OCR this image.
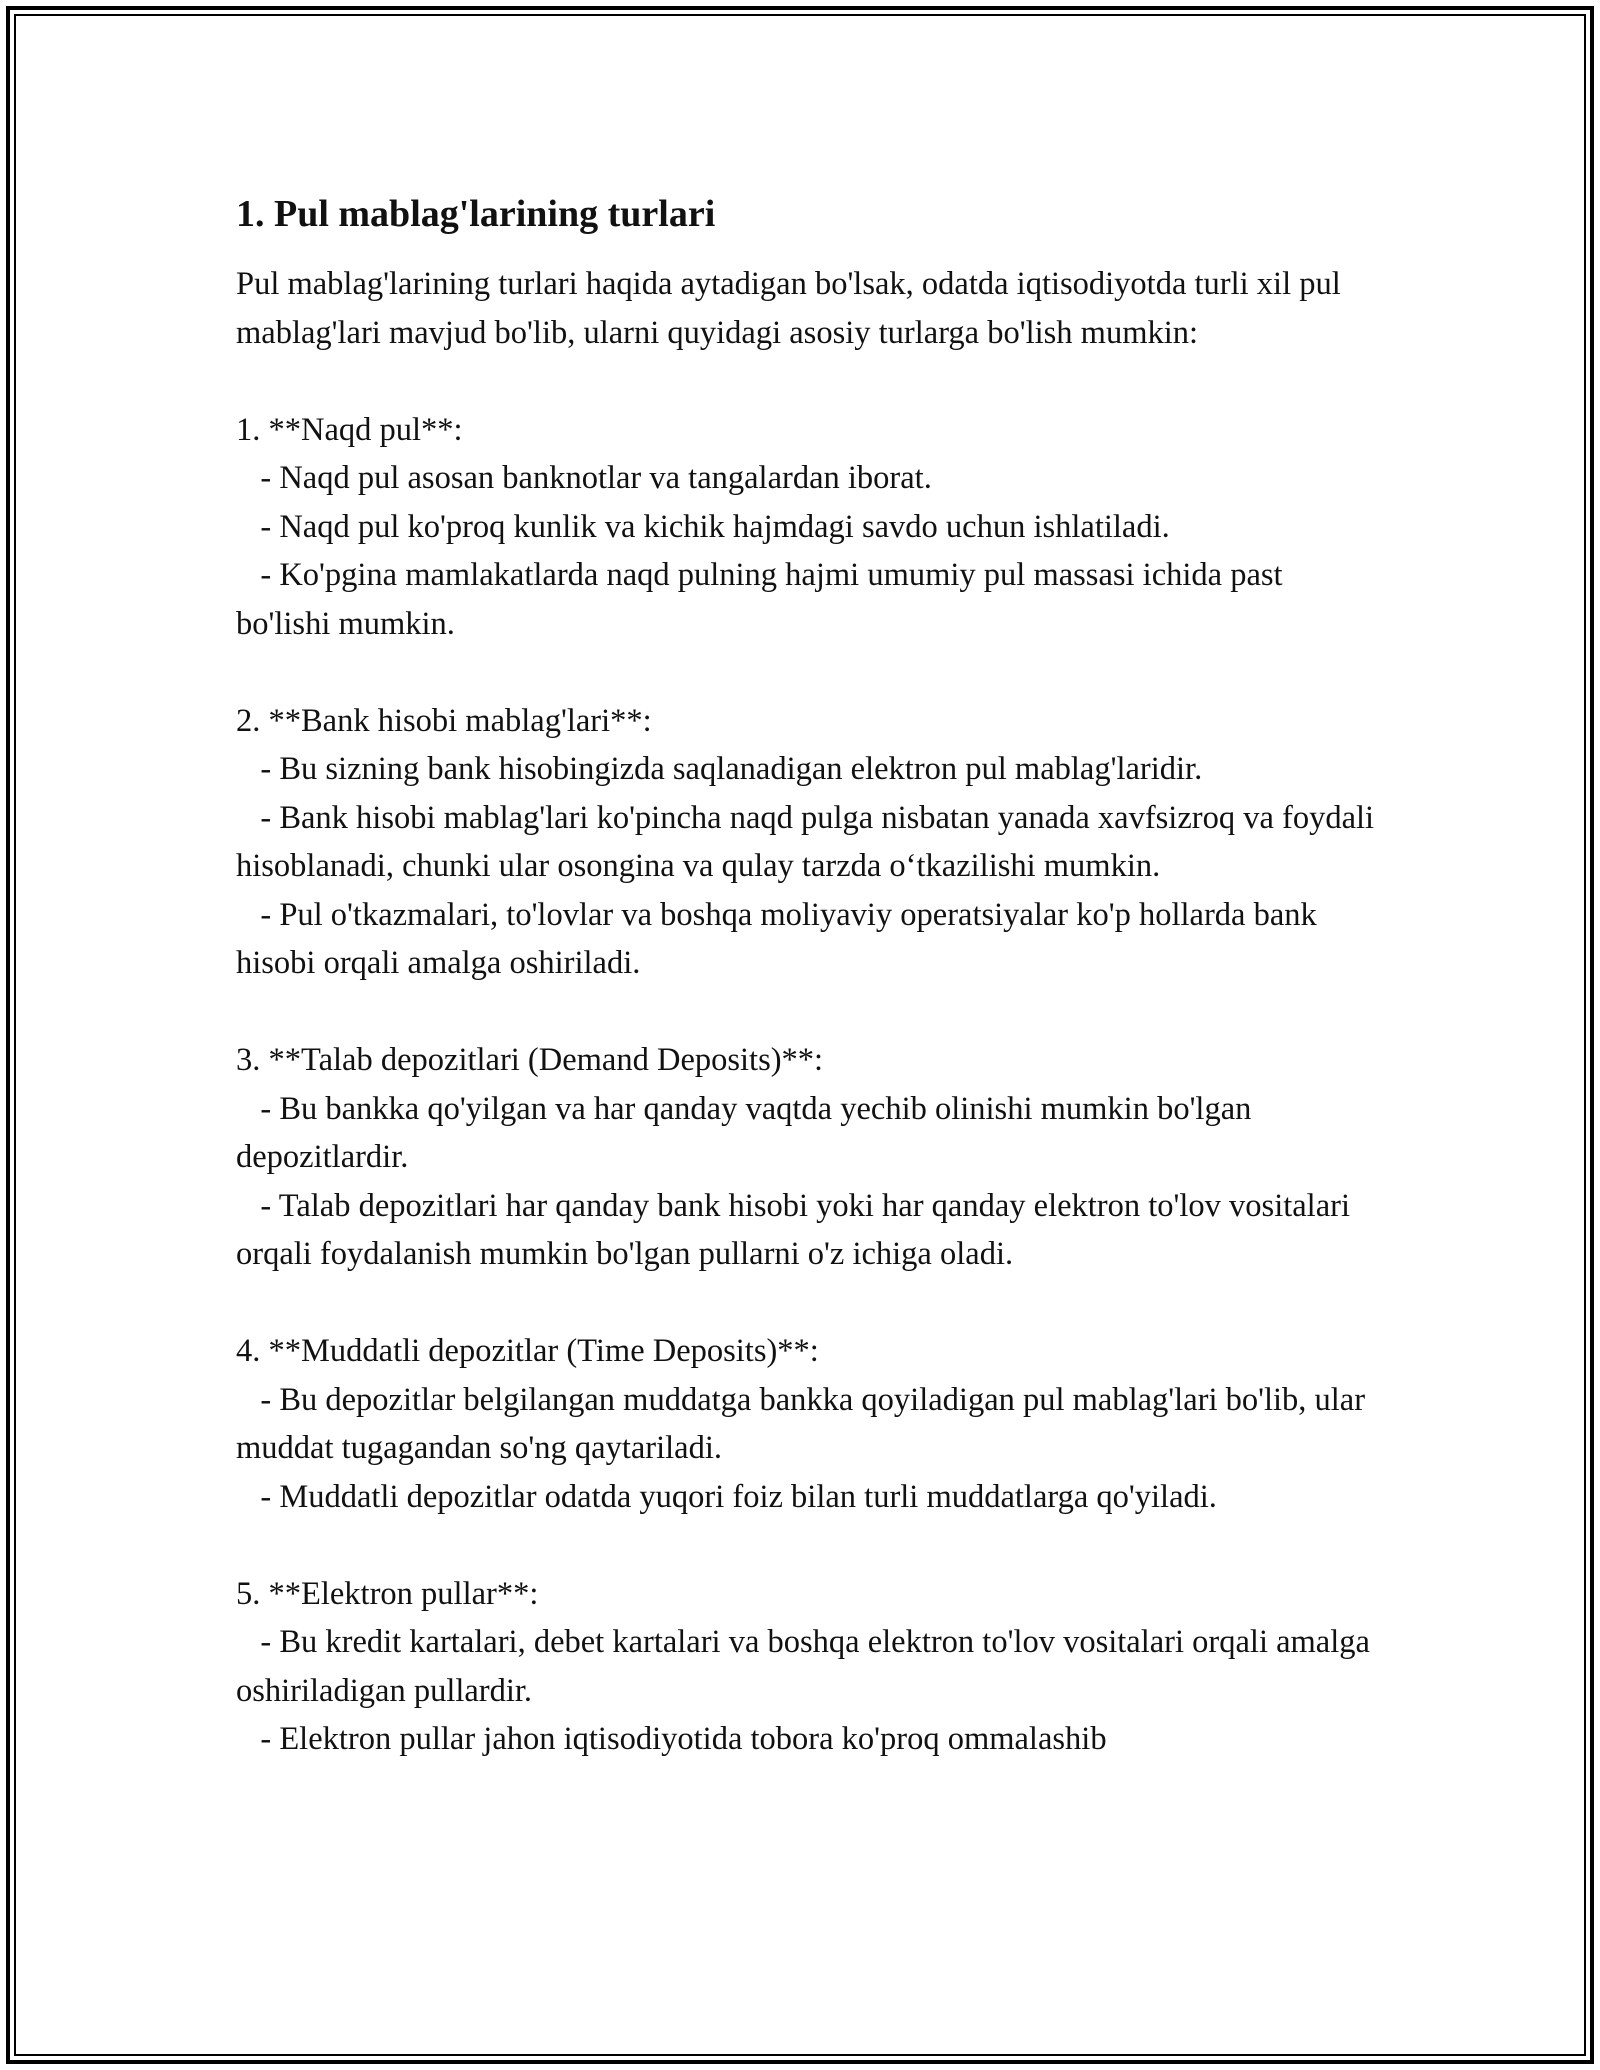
1. Pul mablag'larining turlari

Pul mablag'larining turlari haqida aytadigan bo'lsak, odatda iqtisodiyotda turli xil pul mablag'lari mavjud bo'lib, ularni quyidagi asosiy turlarga bo'lish mumkin:

1. **Naqd pul**:

- Naqd pul asosan banknotlar va tangalardan iborat.

- Naqd pul ko'proq kunlik va kichik hajmdagi savdo uchun ishlatiladi.

- Ko'pgina mamlakatlarda naqd pulning hajmi umumiy pul massasi ichida past bo'lishi mumkin.

2. **Bank hisobi mablag'lari**:

- Bu sizning bank hisobingizda saqlanadigan elektron pul mablag'laridir.

- Bank hisobi mablag'lari ko'pincha naqd pulga nisbatan yanada xavfsizroq va foydali hisoblanadi, chunki ular osongina va qulay tarzda o‘tkazilishi mumkin.

- Pul o'tkazmalari, to'lovlar va boshqa moliyaviy operatsiyalar ko'p hollarda bank hisobi orqali amalga oshiriladi.

3. **Talab depozitlari (Demand Deposits)**:

- Bu bankka qo'yilgan va har qanday vaqtda yechib olinishi mumkin bo'lgan depozitlardir.

- Talab depozitlari har qanday bank hisobi yoki har qanday elektron to'lov vositalari orqali foydalanish mumkin bo'lgan pullarni o'z ichiga oladi.

4. **Muddatli depozitlar (Time Deposits)**:

- Bu depozitlar belgilangan muddatga bankka qoyiladigan pul mablag'lari bo'lib, ular muddat tugagandan so'ng qaytariladi.

- Muddatli depozitlar odatda yuqori foiz bilan turli muddatlarga qo'yiladi.

5. **Elektron pullar**:

- Bu kredit kartalari, debet kartalari va boshqa elektron to'lov vositalari orqali amalga oshiriladigan pullardir.

- Elektron pullar jahon iqtisodiyotida tobora ko'proq ommalashib
